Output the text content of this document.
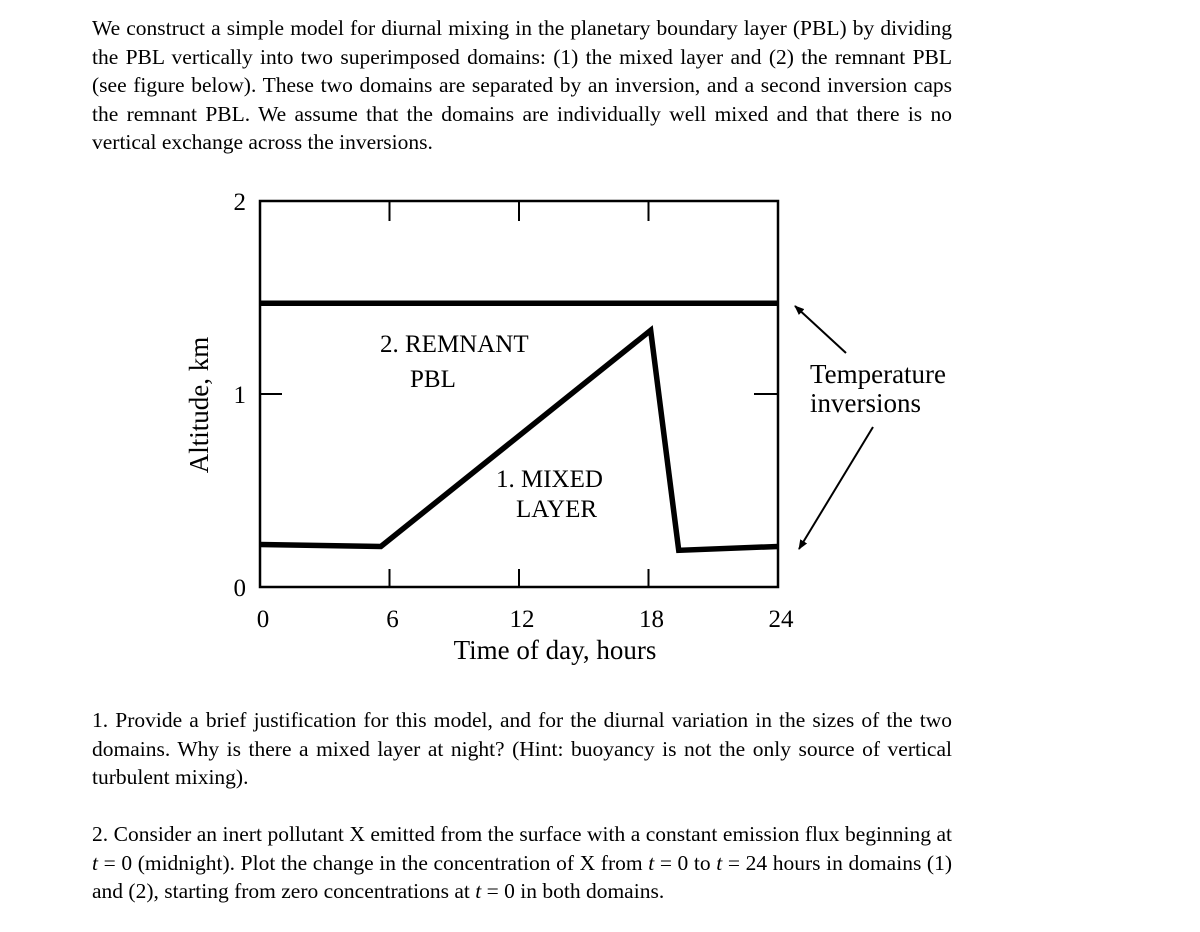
We construct a simple model for diurnal mixing in the planetary boundary layer (PBL) by dividing the PBL vertically into two superimposed domains: (1) the mixed layer and (2) the remnant PBL (see figure below). These two domains are separated by an inversion, and a second inversion caps the remnant PBL. We assume that the domains are individually well mixed and that there is no vertical exchange across the inversions.

0	6	12	18	24
0
1
2
Time of day, hours
Altitude, km	2. REMNANT
PBL
1. MIXED
LAYER
Temperature
inversions

1. Provide a brief justification for this model, and for the diurnal variation in the sizes of the two domains. Why is there a mixed layer at night? (Hint: buoyancy is not the only source of vertical turbulent mixing).

2. Consider an inert pollutant X emitted from the surface with a constant emission flux beginning at t = 0 (midnight). Plot the change in the concentration of X from t = 0 to t = 24 hours in domains (1) and (2), starting from zero concentrations at t = 0 in both domains.
